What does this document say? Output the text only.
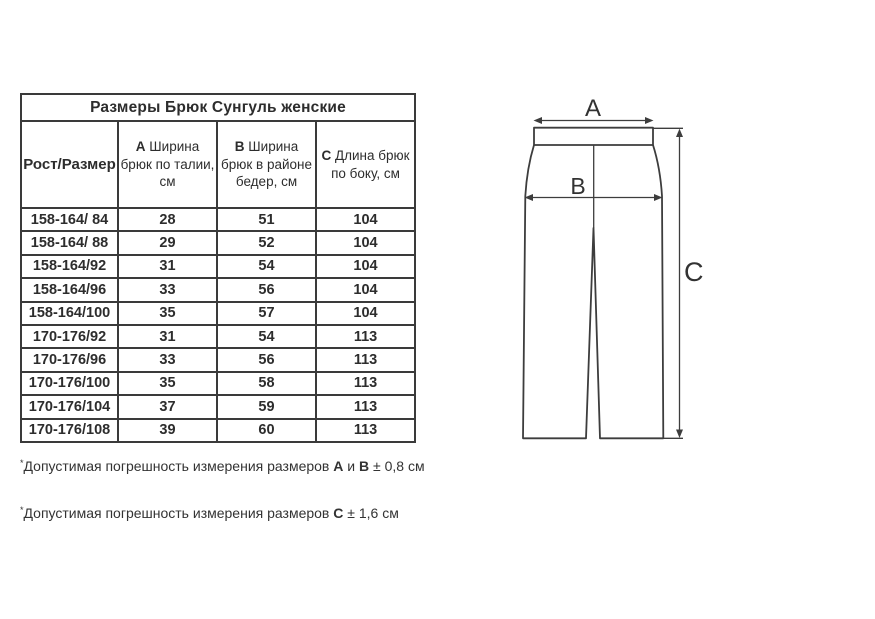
Размеры Брюк Сунгуль женские			
Рост/Размер	A Ширина брюк по талии, см	B Ширина брюк в районе бедер, см	C Длина брюк по боку, см
158-164/ 84	28	51	104
158-164/ 88	29	52	104
158-164/92	31	54	104
158-164/96	33	56	104
158-164/100	35	57	104
170-176/92	31	54	113
170-176/96	33	56	113
170-176/100	35	58	113
170-176/104	37	59	113
170-176/108	39	60	113

*Допустимая погрешность измерения размеров A и B ± 0,8 см

*Допустимая погрешность измерения размеров C ± 1,6 см

A
B
C
